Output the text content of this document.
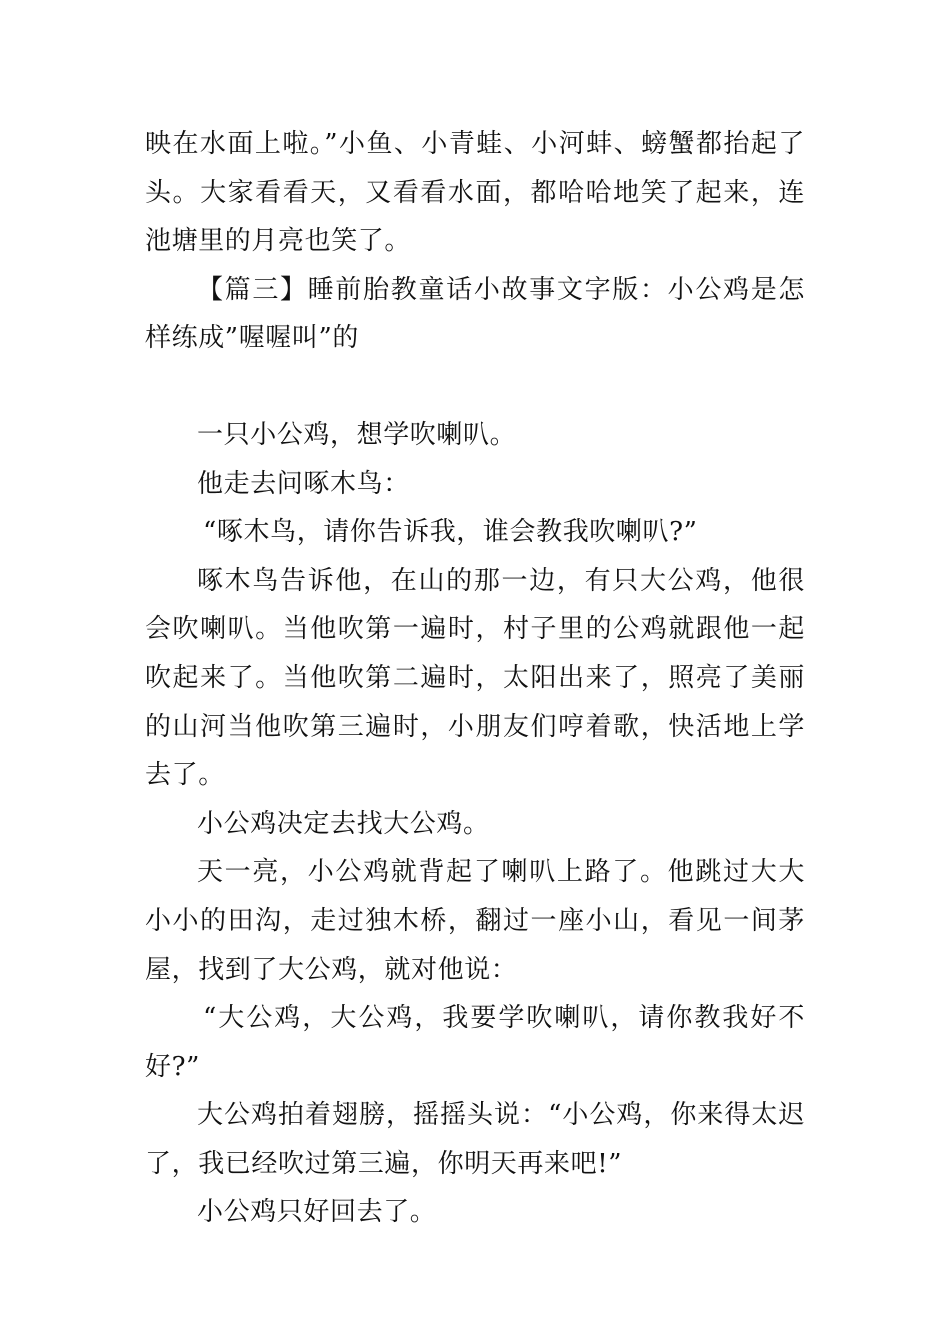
映在水面上啦。”小鱼、小青蛙、小河蚌、螃蟹都抬起了头。大家看看天，又看看水面，都哈哈地笑了起来，连池塘里的月亮也笑了。

【篇三】睡前胎教童话小故事文字版：小公鸡是怎样练成”喔喔叫”的

一只小公鸡，想学吹喇叭。

他走去问啄木鸟：

“啄木鸟，请你告诉我，谁会教我吹喇叭?”

啄木鸟告诉他，在山的那一边，有只大公鸡，他很会吹喇叭。当他吹第一遍时，村子里的公鸡就跟他一起吹起来了。当他吹第二遍时，太阳出来了，照亮了美丽的山河当他吹第三遍时，小朋友们哼着歌，快活地上学去了。

小公鸡决定去找大公鸡。

天一亮，小公鸡就背起了喇叭上路了。他跳过大大小小的田沟，走过独木桥，翻过一座小山，看见一间茅屋，找到了大公鸡，就对他说：

“大公鸡，大公鸡，我要学吹喇叭，请你教我好不好?”

大公鸡拍着翅膀，摇摇头说：“小公鸡，你来得太迟了，我已经吹过第三遍，你明天再来吧!”

小公鸡只好回去了。
